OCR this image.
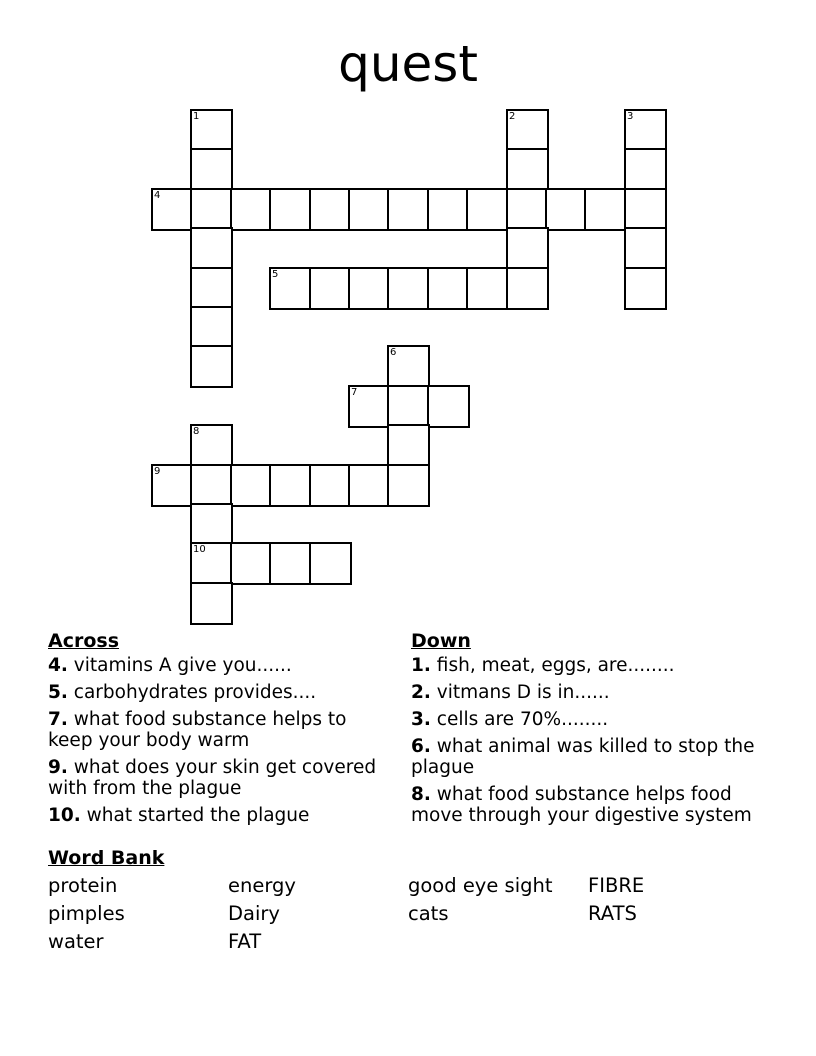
quest
1	2	3
4
5
6
7
8
9
10
Across
4. vitamins A give you......
5. carbohydrates provides....
7. what food substance helps to keep your body warm
9. what does your skin get covered with from the plague
10. what started the plague
Down
1. fish, meat, eggs, are........
2. vitmans D is in......
3. cells are 70%........
6. what animal was killed to stop the plague
8. what food substance helps food move through your digestive system
Word Bank
protein
pimples
water
energy
Dairy
FAT
good eye sight
cats
FIBRE
RATS
